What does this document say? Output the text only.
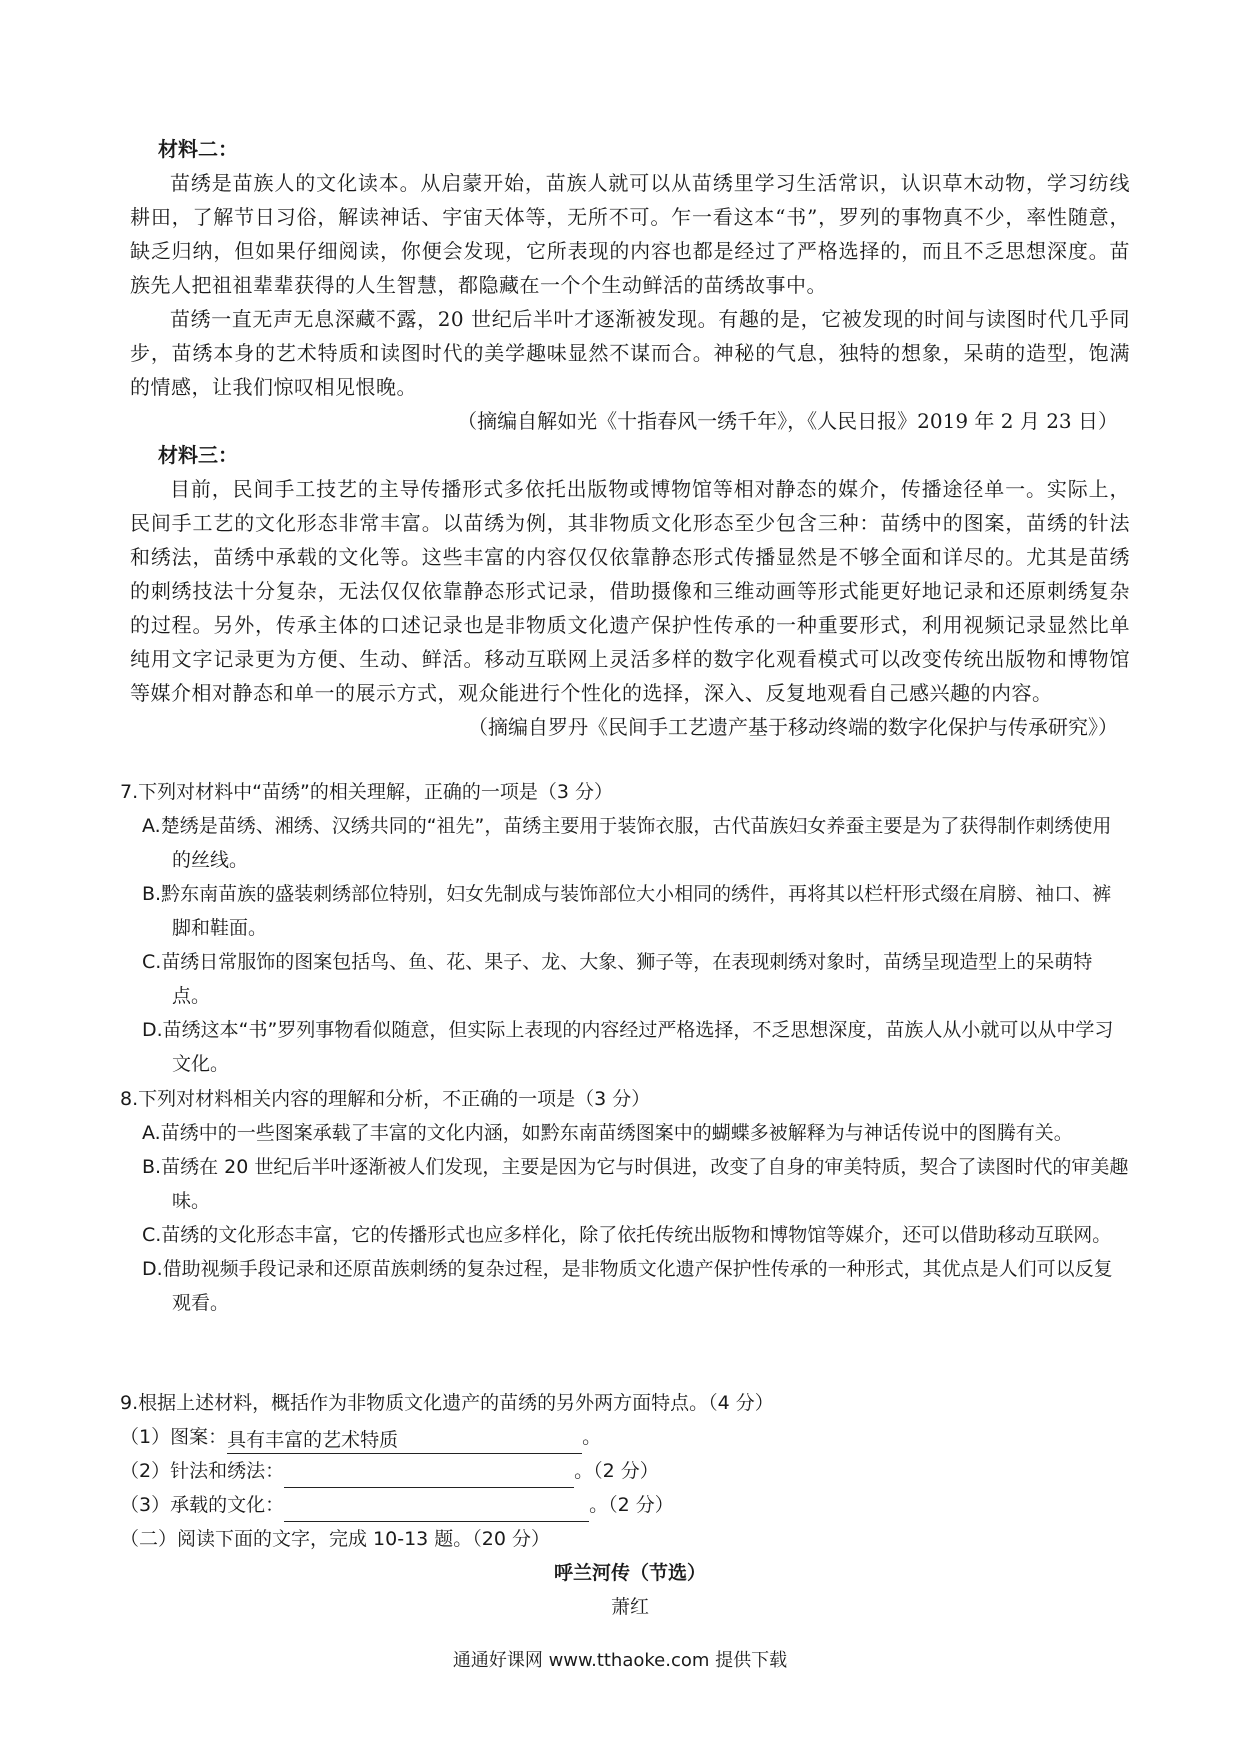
材料二：
苗绣是苗族人的文化读本。从启蒙开始，苗族人就可以从苗绣里学习生活常识，认识草木动物，学习纺线耕田，了解节日习俗，解读神话、宇宙天体等，无所不可。乍一看这本“书”，罗列的事物真不少，率性随意，缺乏归纳，但如果仔细阅读，你便会发现，它所表现的内容也都是经过了严格选择的，而且不乏思想深度。苗族先人把祖祖辈辈获得的人生智慧，都隐藏在一个个生动鲜活的苗绣故事中。
苗绣一直无声无息深藏不露，20 世纪后半叶才逐渐被发现。有趣的是，它被发现的时间与读图时代几乎同步，苗绣本身的艺术特质和读图时代的美学趣味显然不谋而合。神秘的气息，独特的想象，呆萌的造型，饱满的情感，让我们惊叹相见恨晚。
（摘编自解如光《十指春风一绣千年》，《人民日报》2019 年 2 月 23 日）
材料三：
目前，民间手工技艺的主导传播形式多依托出版物或博物馆等相对静态的媒介，传播途径单一。实际上，民间手工艺的文化形态非常丰富。以苗绣为例，其非物质文化形态至少包含三种：苗绣中的图案，苗绣的针法和绣法，苗绣中承载的文化等。这些丰富的内容仅仅依靠静态形式传播显然是不够全面和详尽的。尤其是苗绣的刺绣技法十分复杂，无法仅仅依靠静态形式记录，借助摄像和三维动画等形式能更好地记录和还原刺绣复杂的过程。另外，传承主体的口述记录也是非物质文化遗产保护性传承的一种重要形式，利用视频记录显然比单纯用文字记录更为方便、生动、鲜活。移动互联网上灵活多样的数字化观看模式可以改变传统出版物和博物馆等媒介相对静态和单一的展示方式，观众能进行个性化的选择，深入、反复地观看自己感兴趣的内容。
（摘编自罗丹《民间手工艺遗产基于移动终端的数字化保护与传承研究》）
7.下列对材料中“苗绣”的相关理解，正确的一项是（3 分）
A.楚绣是苗绣、湘绣、汉绣共同的“祖先”，苗绣主要用于装饰衣服，古代苗族妇女养蚕主要是为了获得制作刺绣使用的丝线。
B.黔东南苗族的盛装刺绣部位特别，妇女先制成与装饰部位大小相同的绣件，再将其以栏杆形式缀在肩膀、袖口、裤脚和鞋面。
C.苗绣日常服饰的图案包括鸟、鱼、花、果子、龙、大象、狮子等，在表现刺绣对象时，苗绣呈现造型上的呆萌特点。
D.苗绣这本“书”罗列事物看似随意，但实际上表现的内容经过严格选择，不乏思想深度，苗族人从小就可以从中学习文化。
8.下列对材料相关内容的理解和分析，不正确的一项是（3 分）
A.苗绣中的一些图案承载了丰富的文化内涵，如黔东南苗绣图案中的蝴蝶多被解释为与神话传说中的图腾有关。
B.苗绣在 20 世纪后半叶逐渐被人们发现，主要是因为它与时俱进，改变了自身的审美特质，契合了读图时代的审美趣味。
C.苗绣的文化形态丰富，它的传播形式也应多样化，除了依托传统出版物和博物馆等媒介，还可以借助移动互联网。
D.借助视频手段记录和还原苗族刺绣的复杂过程，是非物质文化遗产保护性传承的一种形式，其优点是人们可以反复观看。
9.根据上述材料，概括作为非物质文化遗产的苗绣的另外两方面特点。（4 分）
（1）图案：具有丰富的艺术特质	。
（2）针法和绣法：	。（2 分）
（3）承载的文化：	。（2 分）
（二）阅读下面的文字，完成 10-13 题。（20 分）
呼兰河传（节选）
萧红
通通好课网 www.tthaoke.com 提供下载
